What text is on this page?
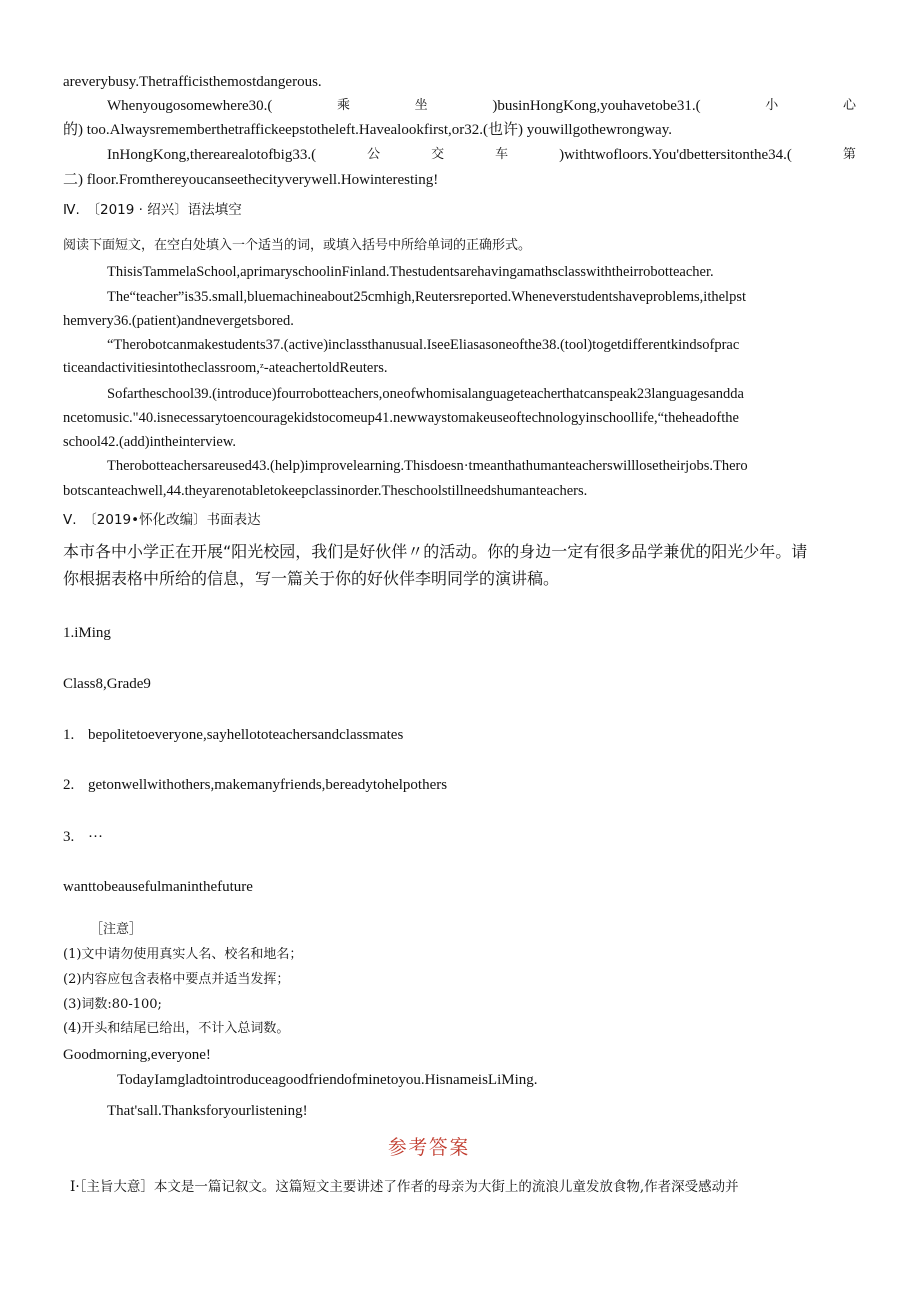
areverybusy.Thetrafficisthemostdangerous.
Whenyougosomewhere30.(	乘	坐	)businHongKong,youhavetobe31.(	小	心
的) too.Alwaysrememberthetraffickeepstotheleft.Havealookfirst,or32.(也许) youwillgothewrongway.
InHongKong,therearealotofbig33.(	公	交	车	)withtwofloors.You'dbettersitonthe34.(	第
二) floor.Fromthereyoucanseethecityverywell.Howinteresting!
Ⅳ.　〔2019 · 绍兴〕语法填空
阅读下面短文，在空白处填入一个适当的词，或填入括号中所给单词的正确形式。
ThisisTammelaSchool,aprimaryschoolinFinland.Thestudentsarehavingamathsclasswiththeirrobotteacher.
The“teacher”is35.small,bluemachineabout25cmhigh,Reutersreported.Wheneverstudentshaveproblems,ithelpst
hemvery36.(patient)andnevergetsbored.
“Therobotcanmakestudents37.(active)inclassthanusual.IseeEliasasoneofthe38.(tool)togetdifferentkindsofprac
ticeandactivitiesintotheclassroom,ᶻ-ateachertoldReuters.
Sofartheschool39.(introduce)fourrobotteachers,oneofwhomisalanguageteacherthatcanspeak23languagesanddа
ncetomusic."40.isnecessarytoencouragekidstocomeup41.newwaystomakeuseoftechnologyinschoollife,“theheadofthe
school42.(add)intheinterview.
Therobotteachersareused43.(help)improvelearning.Thisdoesn·tmeanthathumanteacherswilllosetheirjobs.Thero
botscanteachwell,44.theyarenotabletokeepclassinorder.Theschoolstillneedshumanteachers.
Ⅴ.　〔2019•怀化改编〕书面表达
本市各中小学正在开展“阳光校园，我们是好伙伴〃的活动。你的身边一定有很多品学兼优的阳光少年。请
你根据表格中所给的信息，写一篇关于你的好伙伴李明同学的演讲稿。
1.iMing
Class8,Grade9
1. bepolitetoeveryone,sayhellototeachersandclassmates
2. getonwellwithothers,makemanyfriends,bereadytohelpothers
3. ···
wanttobeausefulmaninthefuture
［注意］
(1)文中请勿使用真实人名、校名和地名；
(2)内容应包含表格中要点并适当发挥；
(3)词数:80-100;
(4)开头和结尾已给出，不计入总词数。
Goodmorning,everyone!
TodayIamgladtointroduceagoodfriendofminetoyou.HisnameisLiMing.
That'sall.Thanksforyourlistening!
参考答案
Ⅰ·［主旨大意］本文是一篇记叙文。这篇短文主要讲述了作者的母亲为大街上的流浪儿童发放食物,作者深受感动并
